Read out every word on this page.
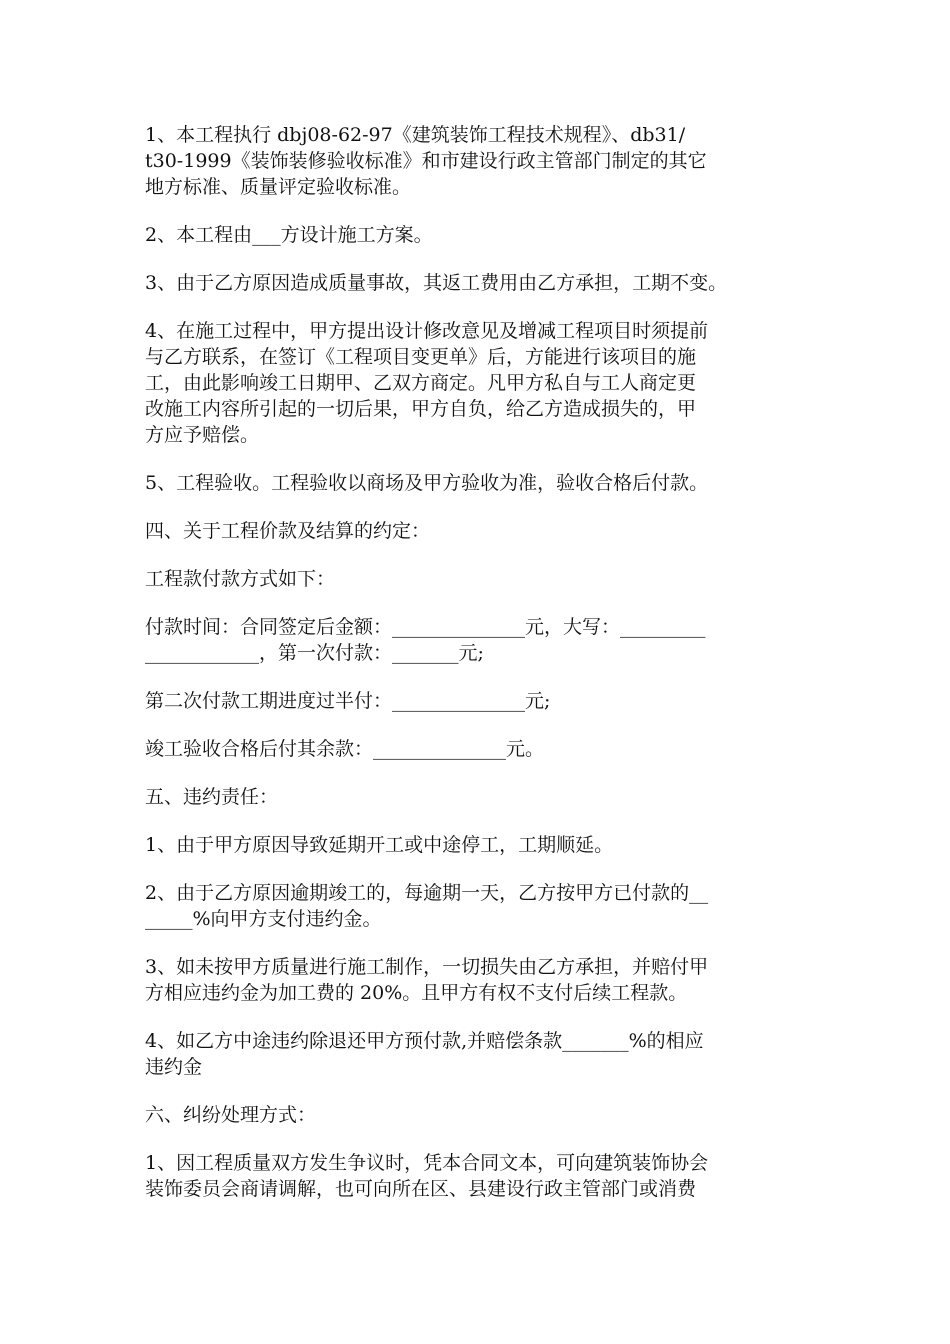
1、本工程执行 dbj08-62-97《建筑装饰工程技术规程》、db31/
t30-1999《装饰装修验收标准》和市建设行政主管部门制定的其它
地方标准、质量评定验收标准。

2、本工程由___方设计施工方案。

3、由于乙方原因造成质量事故，其返工费用由乙方承担，工期不变。

4、在施工过程中，甲方提出设计修改意见及增减工程项目时须提前
与乙方联系，在签订《工程项目变更单》后，方能进行该项目的施
工，由此影响竣工日期甲、乙双方商定。凡甲方私自与工人商定更
改施工内容所引起的一切后果，甲方自负，给乙方造成损失的，甲
方应予赔偿。

5、工程验收。工程验收以商场及甲方验收为准，验收合格后付款。

四、关于工程价款及结算的约定：

工程款付款方式如下：

付款时间：合同签定后金额：______________元，大写：_________
____________，第一次付款：_______元;

第二次付款工期进度过半付：______________元;

竣工验收合格后付其余款：______________元。

五、违约责任：

1、由于甲方原因导致延期开工或中途停工，工期顺延。

2、由于乙方原因逾期竣工的，每逾期一天，乙方按甲方已付款的__
_____%向甲方支付违约金。

3、如未按甲方质量进行施工制作，一切损失由乙方承担，并赔付甲
方相应违约金为加工费的 20%。且甲方有权不支付后续工程款。

4、如乙方中途违约除退还甲方预付款,并赔偿条款_______%的相应
违约金

六、纠纷处理方式：

1、因工程质量双方发生争议时，凭本合同文本，可向建筑装饰协会
装饰委员会商请调解，也可向所在区、县建设行政主管部门或消费
